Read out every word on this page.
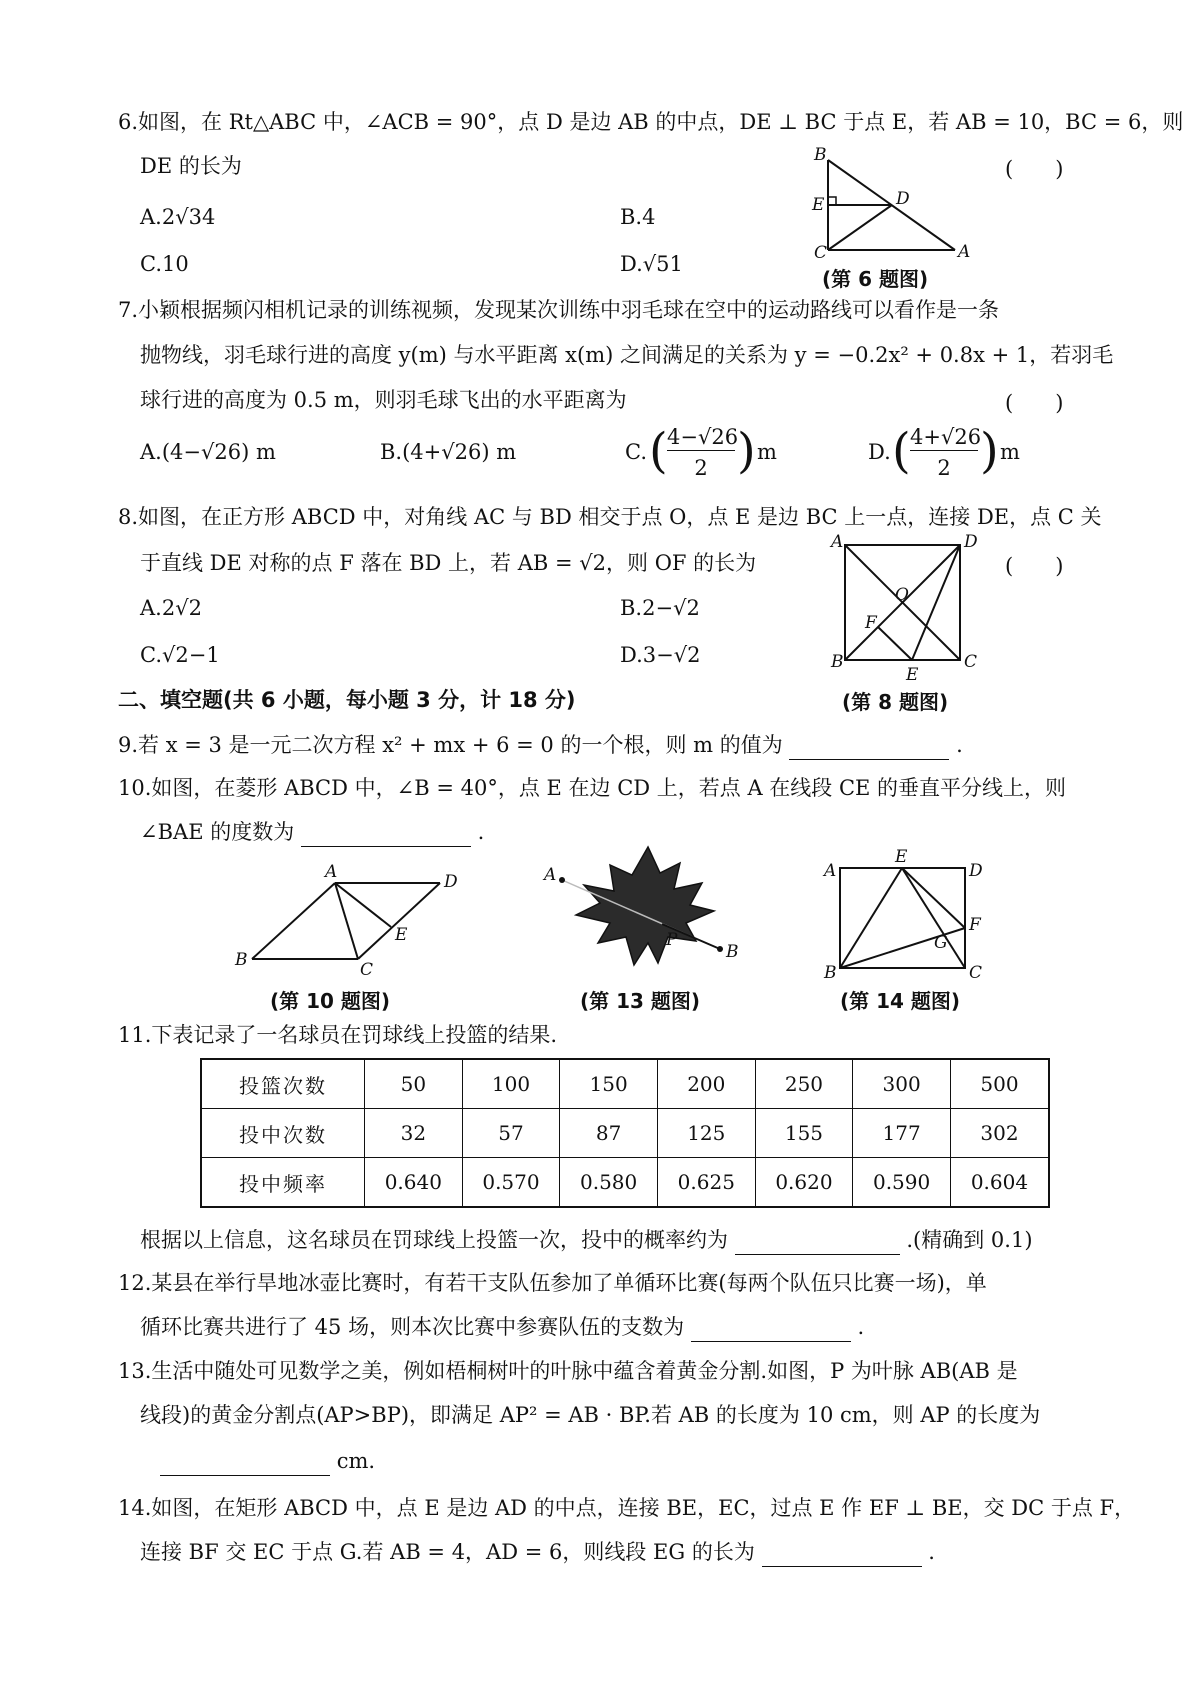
6.如图，在 Rt△ABC 中，∠ACB = 90°，点 D 是边 AB 的中点，DE ⊥ BC 于点 E，若 AB = 10，BC = 6，则
DE 的长为	(　　)
A.2√34	B.4
C.10	D.√51
B
E	D
C	A
(第 6 题图)
7.小颖根据频闪相机记录的训练视频，发现某次训练中羽毛球在空中的运动路线可以看作是一条
抛物线，羽毛球行进的高度 y(m) 与水平距离 x(m) 之间满足的关系为 y = −0.2x² + 0.8x + 1，若羽毛
球行进的高度为 0.5 m，则羽毛球飞出的水平距离为	(　　)
A.(4−√26) m	B.(4+√26) m	C. ( 4−√26
2 ) m	D. ( 4+√26
2 ) m
8.如图，在正方形 ABCD 中，对角线 AC 与 BD 相交于点 O，点 E 是边 BC 上一点，连接 DE，点 C 关
于直线 DE 对称的点 F 落在 BD 上，若 AB = √2，则 OF 的长为	(　　)
A.2√2	B.2−√2
C.√2−1	D.3−√2
A	D
O
F
B
E
C
(第 8 题图)
二、填空题(共 6 小题，每小题 3 分，计 18 分)
9.若 x = 3 是一元二次方程 x² + mx + 6 = 0 的一个根，则 m 的值为	.
10.如图，在菱形 ABCD 中，∠B = 40°，点 E 在边 CD 上，若点 A 在线段 CE 的垂直平分线上，则
∠BAE 的度数为	.
A	D
E
B	C
(第 10 题图)
A
P
B
(第 13 题图)
A
E
D
F
G
B	C
(第 14 题图)
11.下表记录了一名球员在罚球线上投篮的结果.
投篮次数	50	100	150	200	250	300	500
投中次数	32	57	87	125	155	177	302
投中频率	0.640	0.570	0.580	0.625	0.620	0.590	0.604
根据以上信息，这名球员在罚球线上投篮一次，投中的概率约为	.(精确到 0.1)
12.某县在举行旱地冰壶比赛时，有若干支队伍参加了单循环比赛(每两个队伍只比赛一场)，单
循环比赛共进行了 45 场，则本次比赛中参赛队伍的支数为	.
13.生活中随处可见数学之美，例如梧桐树叶的叶脉中蕴含着黄金分割.如图，P 为叶脉 AB(AB 是
线段)的黄金分割点(AP>BP)，即满足 AP² = AB · BP.若 AB 的长度为 10 cm，则 AP 的长度为
cm.
14.如图，在矩形 ABCD 中，点 E 是边 AD 的中点，连接 BE，EC，过点 E 作 EF ⊥ BE，交 DC 于点 F，
连接 BF 交 EC 于点 G.若 AB = 4，AD = 6，则线段 EG 的长为	.
